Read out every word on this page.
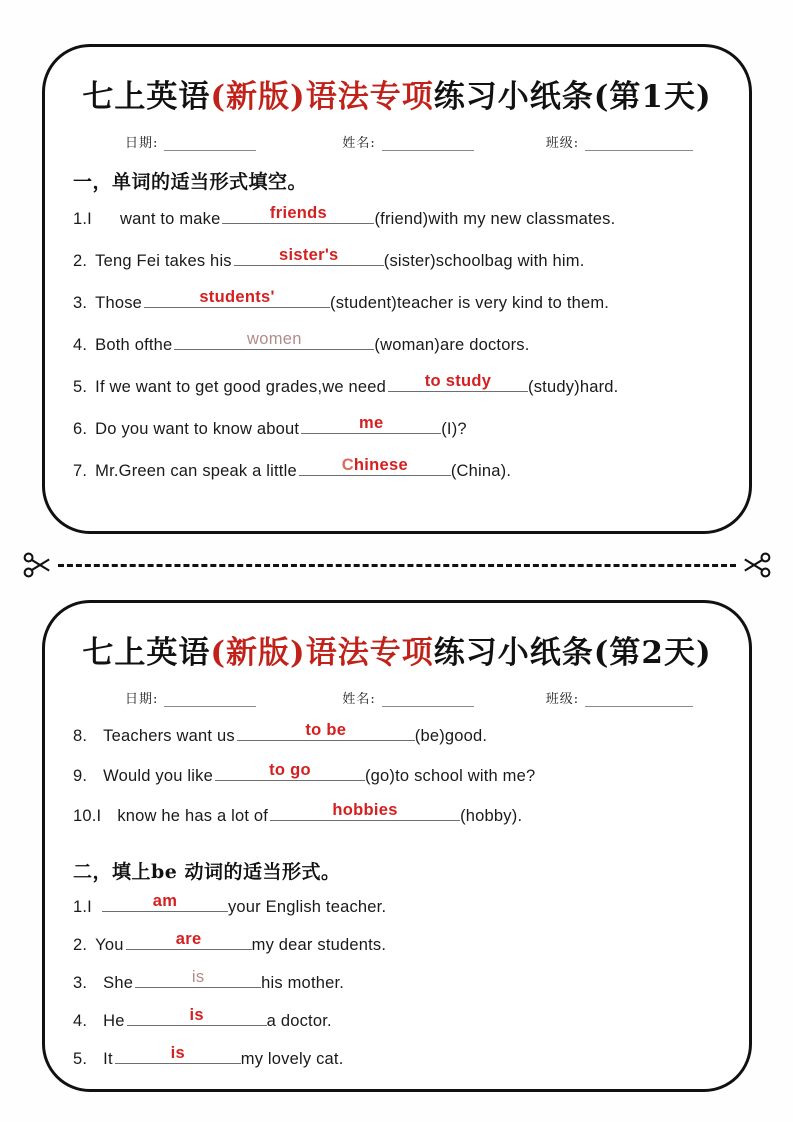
七上英语(新版)语法专项练习小纸条(第1天)
日期:	姓名:	班级:
一，单词的适当形式填空。
1.I	want to make	friends	(friend)with my new classmates.
2. Teng Fei takes his	sister's	(sister)schoolbag with him.
3. Those	students'	(student)teacher is very kind to them.
4. Both ofthe	women	(woman)are doctors.
5. If we want to get good grades,we need	to study	(study)hard.
6. Do you want to know about	me	(I)?
7. Mr.Green can speak a little	Chinese	(China).
七上英语(新版)语法专项练习小纸条(第2天)
日期:	姓名:	班级:
8. Teachers want us	to be	(be)good.
9. Would you like	to go	(go)to school with me?
10.I know he has a lot of	hobbies	(hobby).
二，填上be 动词的适当形式。
1.I	am	your English teacher.
2. You	are	my dear students.
3. She	is	his mother.
4. He	is	a doctor.
5. It	is	my lovely cat.
